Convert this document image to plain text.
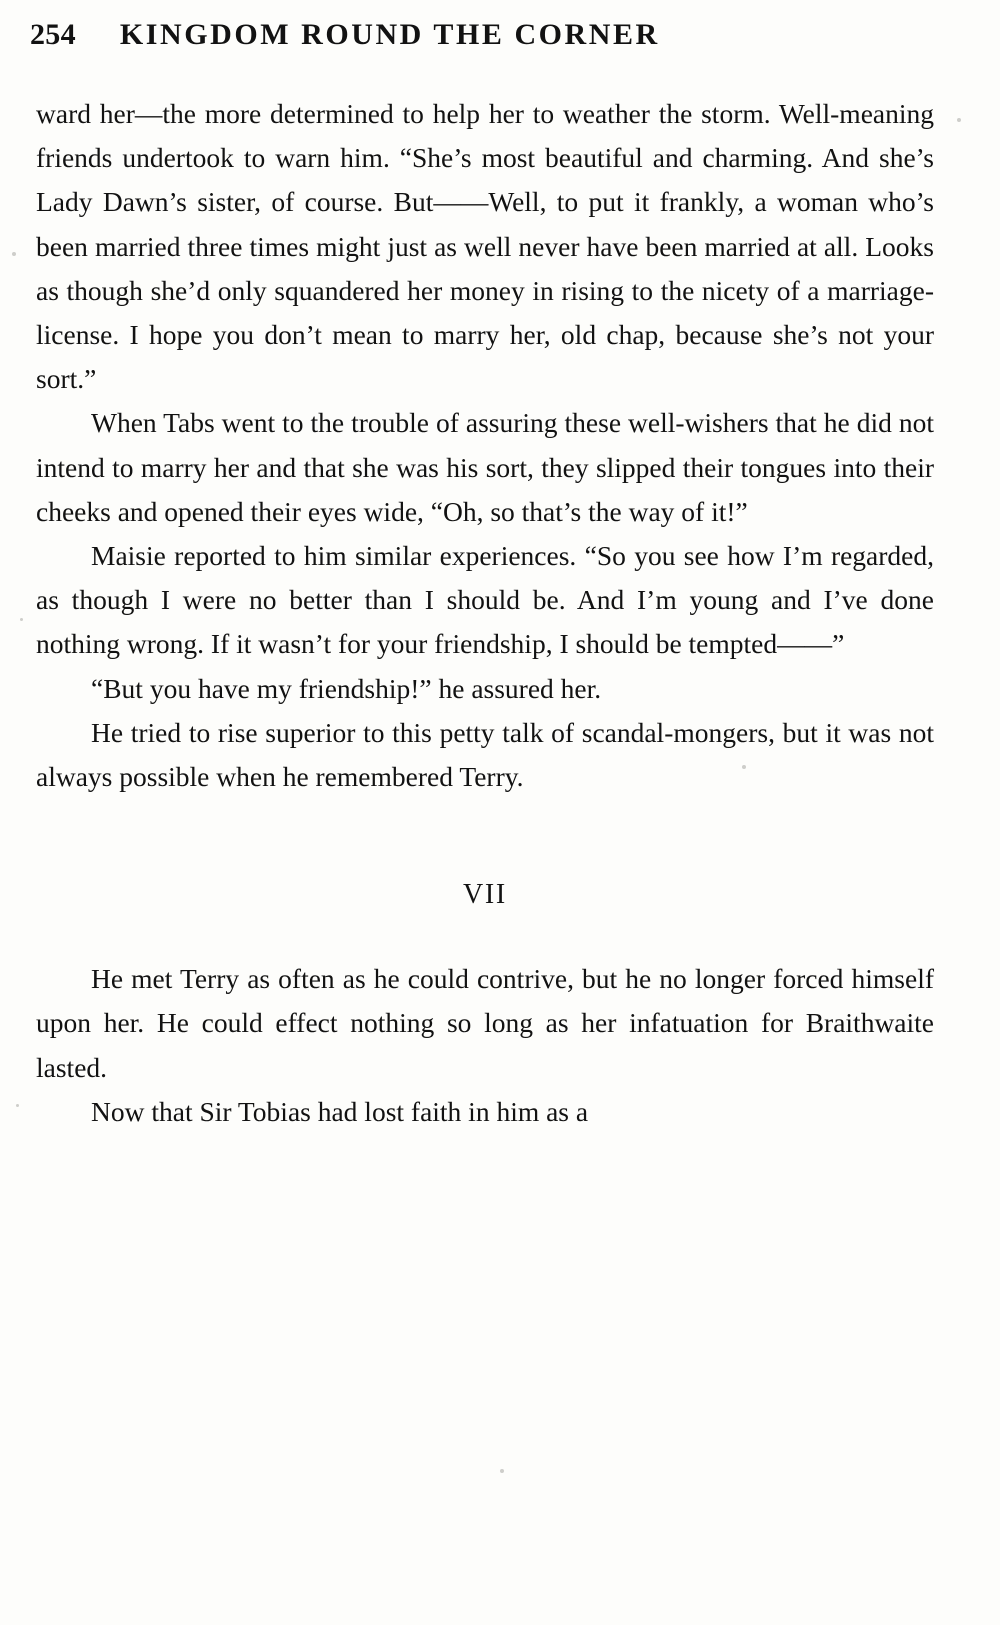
254 KINGDOM ROUND THE CORNER

ward her—the more determined to help her to weather the storm. Well-meaning friends undertook to warn him. “She’s most beautiful and charming. And she’s Lady Dawn’s sister, of course. But——Well, to put it frankly, a woman who’s been married three times might just as well never have been married at all. Looks as though she’d only squandered her money in rising to the nicety of a marriage-license. I hope you don’t mean to marry her, old chap, because she’s not your sort.”

When Tabs went to the trouble of assuring these well-wishers that he did not intend to marry her and that she was his sort, they slipped their tongues into their cheeks and opened their eyes wide, “Oh, so that’s the way of it!”

Maisie reported to him similar experiences. “So you see how I’m regarded, as though I were no better than I should be. And I’m young and I’ve done nothing wrong. If it wasn’t for your friendship, I should be tempted——”

“But you have my friendship!” he assured her.

He tried to rise superior to this petty talk of scandal-mongers, but it was not always possible when he remembered Terry.

VII

He met Terry as often as he could contrive, but he no longer forced himself upon her. He could effect nothing so long as her infatuation for Braithwaite lasted.

Now that Sir Tobias had lost faith in him as a
